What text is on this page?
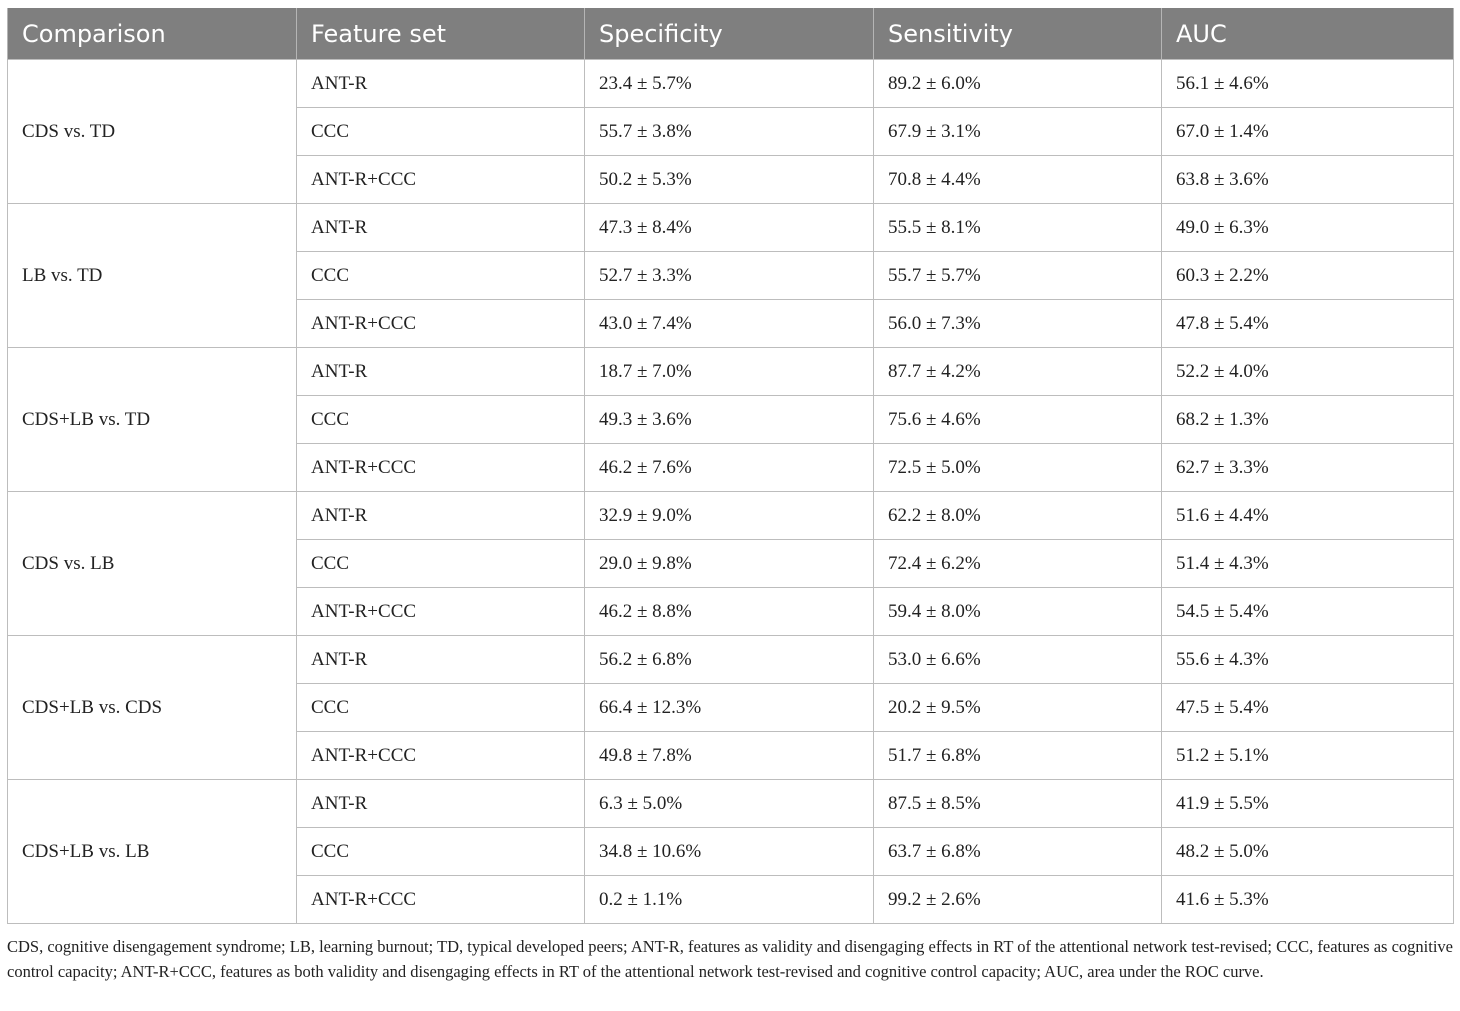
Comparison	Feature set	Specificity	Sensitivity	AUC
CDS vs. TD	ANT-R	23.4 ± 5.7%	89.2 ± 6.0%	56.1 ± 4.6%
	CCC	55.7 ± 3.8%	67.9 ± 3.1%	67.0 ± 1.4%
	ANT-R+CCC	50.2 ± 5.3%	70.8 ± 4.4%	63.8 ± 3.6%
LB vs. TD	ANT-R	47.3 ± 8.4%	55.5 ± 8.1%	49.0 ± 6.3%
	CCC	52.7 ± 3.3%	55.7 ± 5.7%	60.3 ± 2.2%
	ANT-R+CCC	43.0 ± 7.4%	56.0 ± 7.3%	47.8 ± 5.4%
CDS+LB vs. TD	ANT-R	18.7 ± 7.0%	87.7 ± 4.2%	52.2 ± 4.0%
	CCC	49.3 ± 3.6%	75.6 ± 4.6%	68.2 ± 1.3%
	ANT-R+CCC	46.2 ± 7.6%	72.5 ± 5.0%	62.7 ± 3.3%
CDS vs. LB	ANT-R	32.9 ± 9.0%	62.2 ± 8.0%	51.6 ± 4.4%
	CCC	29.0 ± 9.8%	72.4 ± 6.2%	51.4 ± 4.3%
	ANT-R+CCC	46.2 ± 8.8%	59.4 ± 8.0%	54.5 ± 5.4%
CDS+LB vs. CDS	ANT-R	56.2 ± 6.8%	53.0 ± 6.6%	55.6 ± 4.3%
	CCC	66.4 ± 12.3%	20.2 ± 9.5%	47.5 ± 5.4%
	ANT-R+CCC	49.8 ± 7.8%	51.7 ± 6.8%	51.2 ± 5.1%
CDS+LB vs. LB	ANT-R	6.3 ± 5.0%	87.5 ± 8.5%	41.9 ± 5.5%
	CCC	34.8 ± 10.6%	63.7 ± 6.8%	48.2 ± 5.0%
	ANT-R+CCC	0.2 ± 1.1%	99.2 ± 2.6%	41.6 ± 5.3%
CDS, cognitive disengagement syndrome; LB, learning burnout; TD, typical developed peers; ANT-R, features as validity and disengaging effects in RT of the attentional network test-revised; CCC, features as cognitive control capacity; ANT-R+CCC, features as both validity and disengaging effects in RT of the attentional network test-revised and cognitive control capacity; AUC, area under the ROC curve.
